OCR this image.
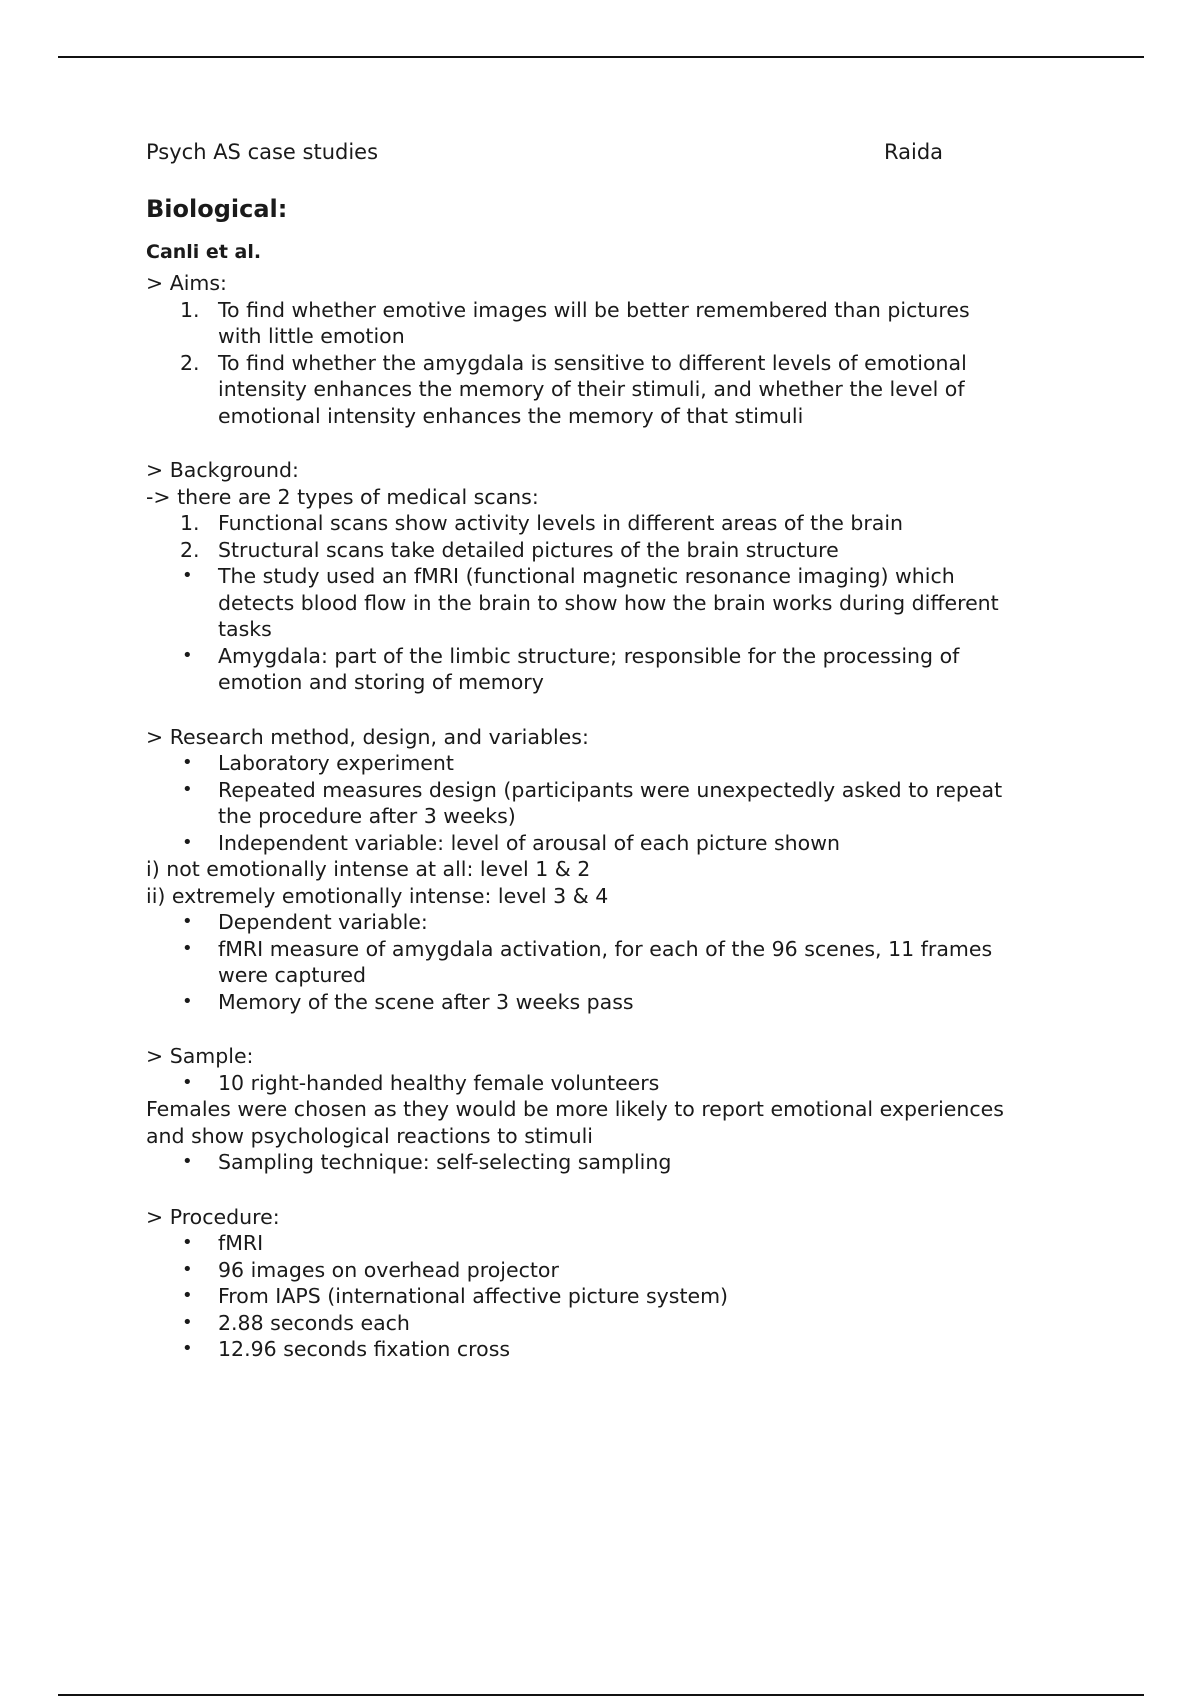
Psych AS case studies	Raida
Biological:
Canli et al.
> Aims:
1. To find whether emotive images will be better remembered than pictures
with little emotion
2. To find whether the amygdala is sensitive to different levels of emotional
intensity enhances the memory of their stimuli, and whether the level of
emotional intensity enhances the memory of that stimuli
> Background:
-> there are 2 types of medical scans:
1. Functional scans show activity levels in different areas of the brain
2. Structural scans take detailed pictures of the brain structure
• The study used an fMRI (functional magnetic resonance imaging) which
detects blood flow in the brain to show how the brain works during different
tasks
• Amygdala: part of the limbic structure; responsible for the processing of
emotion and storing of memory
> Research method, design, and variables:
• Laboratory experiment
• Repeated measures design (participants were unexpectedly asked to repeat
the procedure after 3 weeks)
• Independent variable: level of arousal of each picture shown
i) not emotionally intense at all: level 1 & 2
ii) extremely emotionally intense: level 3 & 4
• Dependent variable:
• fMRI measure of amygdala activation, for each of the 96 scenes, 11 frames
were captured
• Memory of the scene after 3 weeks pass
> Sample:
• 10 right-handed healthy female volunteers
Females were chosen as they would be more likely to report emotional experiences
and show psychological reactions to stimuli
• Sampling technique: self-selecting sampling
> Procedure:
• fMRI
• 96 images on overhead projector
• From IAPS (international affective picture system)
• 2.88 seconds each
• 12.96 seconds fixation cross
